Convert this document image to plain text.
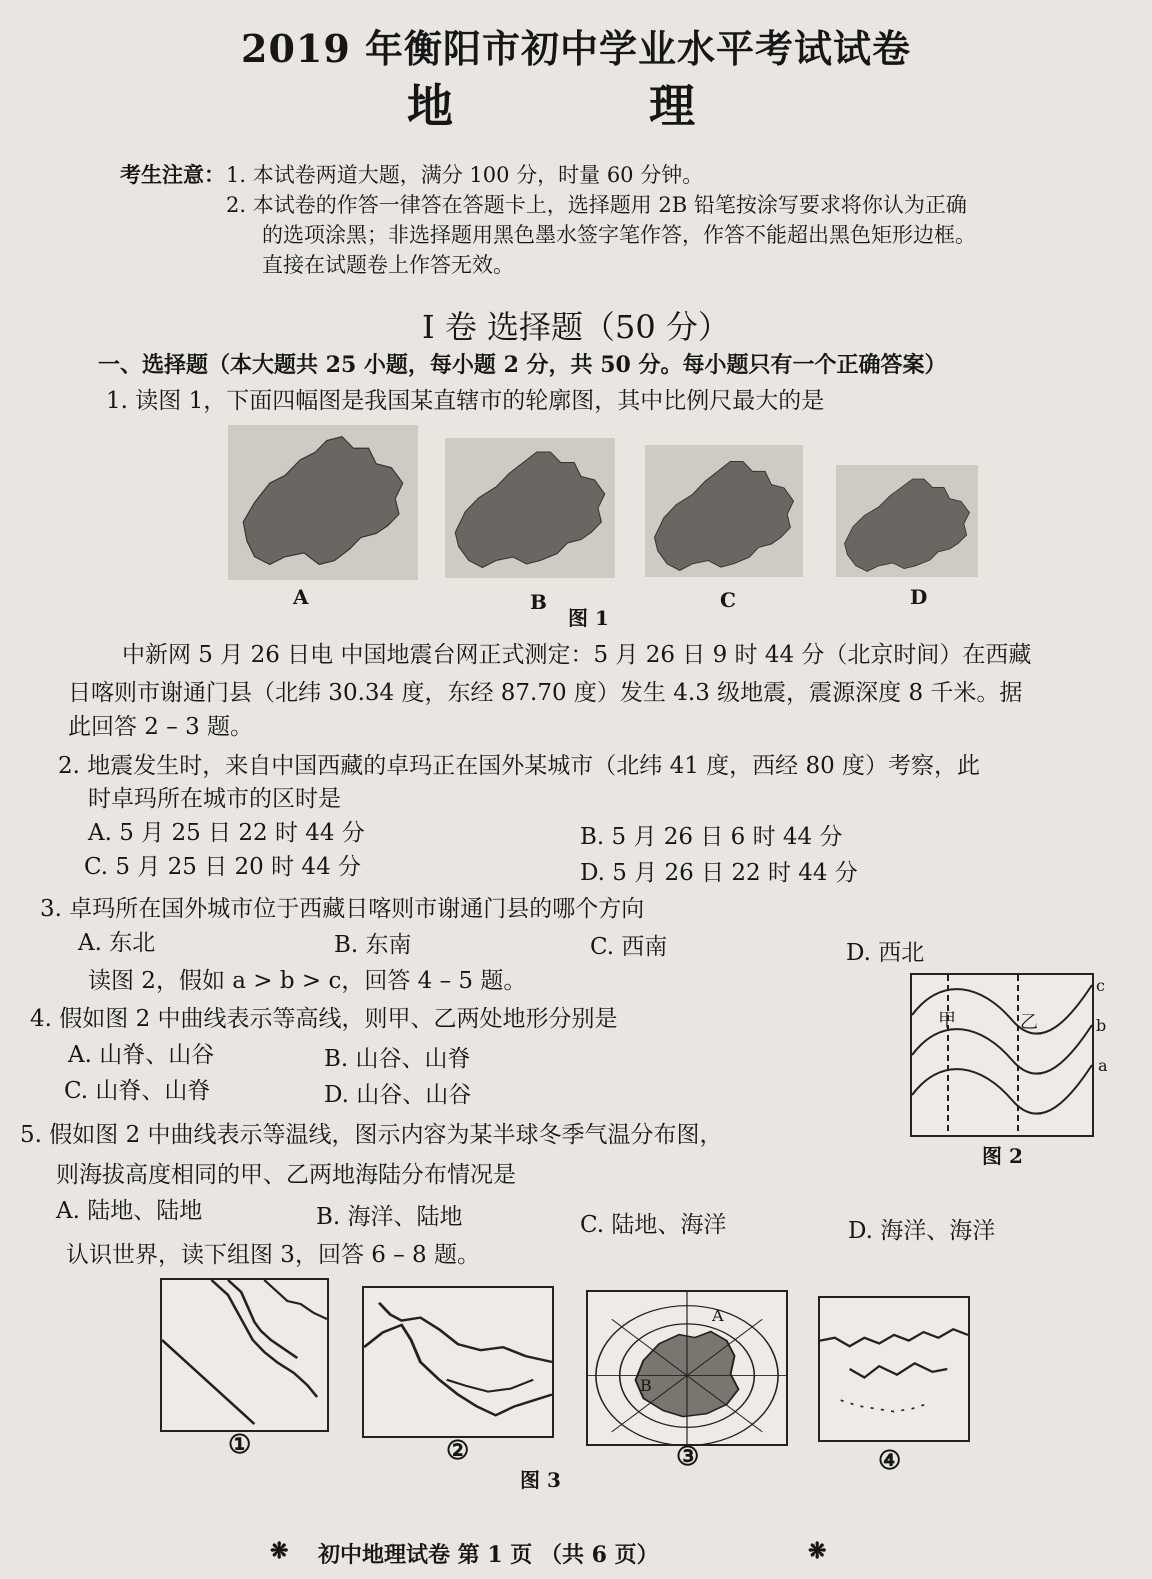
2019 年衡阳市初中学业水平考试试卷
地 理
考生注意： 1. 本试卷两道大题，满分 100 分，时量 60 分钟。
2. 本试卷的作答一律答在答题卡上，选择题用 2B 铅笔按涂写要求将你认为正确
的选项涂黑；非选择题用黑色墨水签字笔作答，作答不能超出黑色矩形边框。
直接在试题卷上作答无效。
I 卷 选择题（50 分）
一、选择题（本大题共 25 小题，每小题 2 分，共 50 分。每小题只有一个正确答案）
1. 读图 1，下面四幅图是我国某直辖市的轮廓图，其中比例尺最大的是
A	B	C	D
图 1
中新网 5 月 26 日电 中国地震台网正式测定：5 月 26 日 9 时 44 分（北京时间）在西藏
日喀则市谢通门县（北纬 30.34 度，东经 87.70 度）发生 4.3 级地震，震源深度 8 千米。据
此回答 2 – 3 题。
2. 地震发生时，来自中国西藏的卓玛正在国外某城市（北纬 41 度，西经 80 度）考察，此
时卓玛所在城市的区时是
A. 5 月 25 日 22 时 44 分	B. 5 月 26 日 6 时 44 分
C. 5 月 25 日 20 时 44 分	D. 5 月 26 日 22 时 44 分
3. 卓玛所在国外城市位于西藏日喀则市谢通门县的哪个方向
A. 东北	B. 东南	C. 西南	D. 西北
读图 2，假如 a > b > c，回答 4 – 5 题。
4. 假如图 2 中曲线表示等高线，则甲、乙两处地形分别是
A. 山脊、山谷	B. 山谷、山脊
C. 山脊、山脊	D. 山谷、山谷
5. 假如图 2 中曲线表示等温线，图示内容为某半球冬季气温分布图，
则海拔高度相同的甲、乙两地海陆分布情况是
A. 陆地、陆地	B. 海洋、陆地	C. 陆地、海洋	D. 海洋、海洋
甲	乙
c
b
a
图 2
认识世界，读下组图 3，回答 6 – 8 题。
A
B
①	②	③	④
图 3
❋ 初中地理试卷 第 1 页 （共 6 页）	❋
